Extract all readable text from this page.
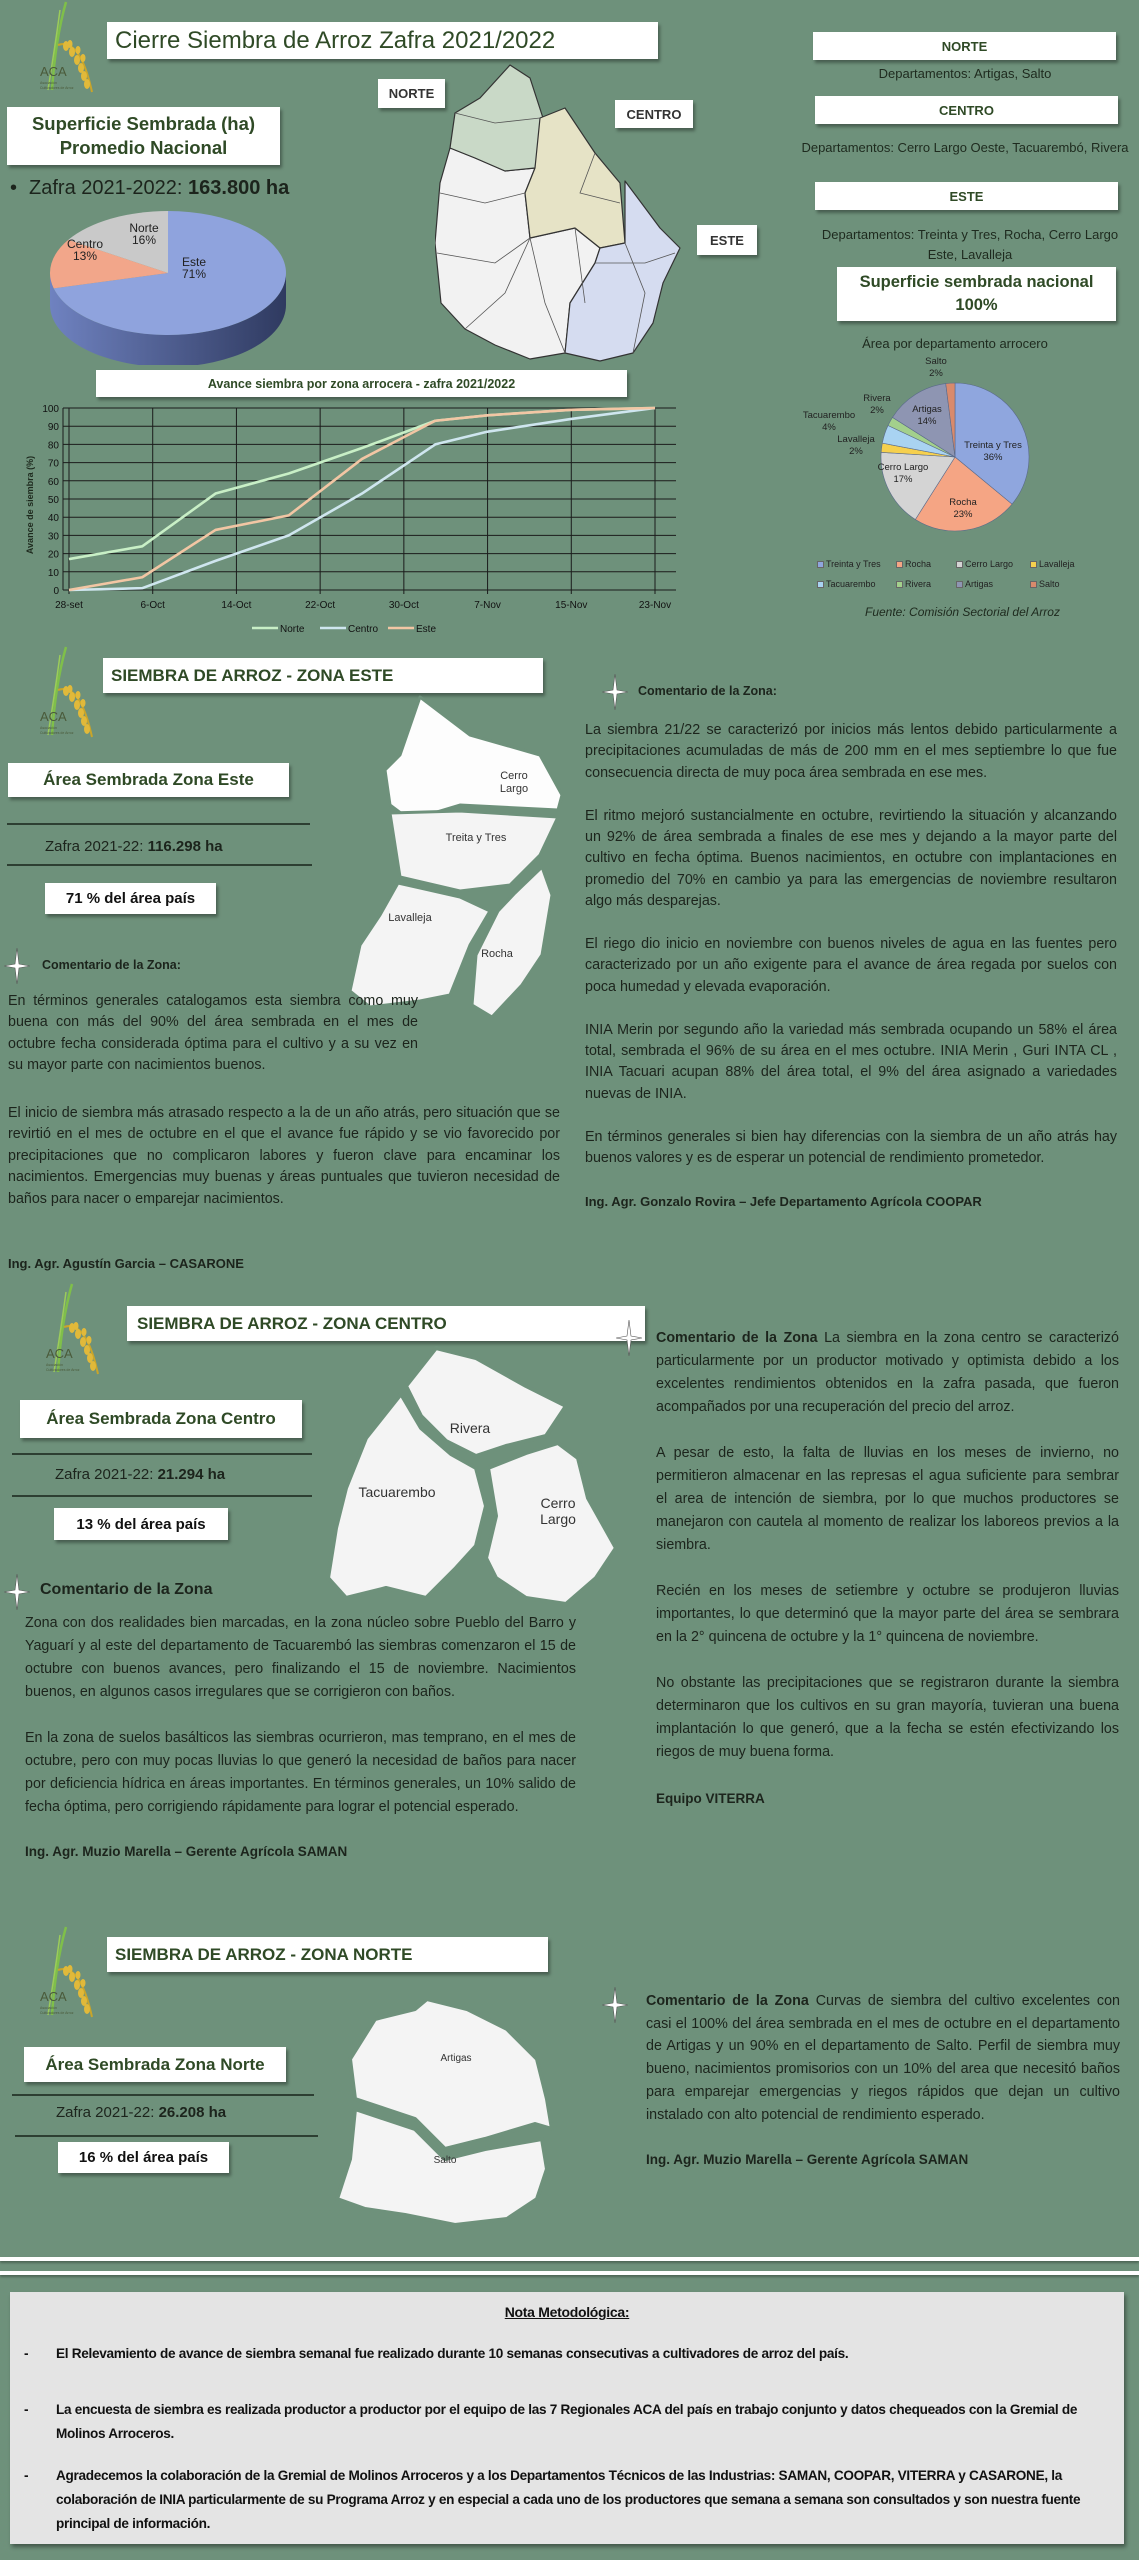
ACA
Asociación
Cultivadores de Arroz
Cierre Siembra de Arroz Zafra 2021/2022
Superficie Sembrada (ha)
Promedio Nacional
• Zafra 2021-2022: 163.800 ha
Norte
16%
Centro
13%	Este
71%
NORTE
CENTRO
ESTE
NORTE
Departamentos: Artigas, Salto
CENTRO
Departamentos: Cerro Largo Oeste, Tacuarembó, Rivera
ESTE
Departamentos: Treinta y Tres, Rocha, Cerro Largo Este, Lavalleja
Superficie sembrada nacional
100%
Área por departamento arrocero
Salto
2%
Rivera
2%	Artigas
14%
Tacuarembo
4%
Lavalleja
2%
Treinta y Tres
36%
Cerro Largo
17%
Rocha
23%
Treinta y Tres	Rocha	Cerro Largo	Lavalleja
Tacuarembo	Rivera	Artigas	Salto
Fuente: Comisión Sectorial del Arroz
Avance siembra por zona arrocera - zafra 2021/2022
Avance de siembra (%)
0
10
20
30
40
50
60
70
80
90
100
28-set	6-Oct	14-Oct	22-Oct	30-Oct	7-Nov	15-Nov	23-Nov
Norte	Centro	Este
ACA
Asociación
Cultivadores de Arroz
SIEMBRA DE ARROZ - ZONA ESTE
Área Sembrada Zona Este
Zafra 2021-22: 116.298 ha
71 % del área país
Cerro Largo
Treita y Tres
Lavalleja
Rocha
Comentario de la Zona:
En términos generales catalogamos esta siembra como muy buena con más del 90% del área sembrada en el mes de octubre fecha considerada óptima para el cultivo y a su vez en su mayor parte con nacimientos buenos.
El inicio de siembra más atrasado respecto a la de un año atrás, pero situación que se revirtió en el mes de octubre en el que el avance fue rápido y se vio favorecido por precipitaciones que no complicaron labores y fueron clave para encaminar los nacimientos. Emergencias muy buenas y áreas puntuales que tuvieron necesidad de baños para nacer o emparejar nacimientos.
Ing. Agr. Agustín Garcia – CASARONE
Comentario de la Zona:

La siembra 21/22 se caracterizó por inicios más lentos debido particularmente a precipitaciones acumuladas de más de 200 mm en el mes septiembre lo que fue consecuencia directa de muy poca área sembrada en ese mes.

El ritmo mejoró sustancialmente en octubre, revirtiendo la situación y alcanzando un 92% de área sembrada a finales de ese mes y dejando a la mayor parte del cultivo en fecha óptima. Buenos nacimientos, en octubre con implantaciones en promedio del 70% en cambio ya para las emergencias de noviembre resultaron algo más desparejas.

El riego dio inicio en noviembre con buenos niveles de agua en las fuentes pero caracterizado por un año exigente para el avance de área regada por suelos con poca humedad y elevada evaporación.

INIA Merin por segundo año la variedad más sembrada ocupando un 58% el área total, sembrada el 96% de su área en el mes octubre. INIA Merin , Guri INTA CL , INIA Tacuari acupan 88% del área total, el 9% del área asignado a variedades nuevas de INIA.

En términos generales si bien hay diferencias con la siembra de un año atrás hay buenos valores y es de esperar un potencial de rendimiento prometedor.

Ing. Agr. Gonzalo Rovira – Jefe Departamento Agrícola COOPAR

ACA
Asociación
Cultivadores de Arroz
SIEMBRA DE ARROZ - ZONA CENTRO
Área Sembrada Zona Centro
Zafra 2021-22: 21.294 ha
13 % del área país
Rivera
Tacuarembo
Cerro Largo
Comentario de la Zona

Zona con dos realidades bien marcadas, en la zona núcleo sobre Pueblo del Barro y Yaguarí y al este del departamento de Tacuarembó las siembras comenzaron el 15 de octubre con buenos avances, pero finalizando el 15 de noviembre. Nacimientos buenos, en algunos casos irregulares que se corrigieron con baños.

En la zona de suelos basálticos las siembras ocurrieron, mas temprano, en el mes de octubre, pero con muy pocas lluvias lo que generó la necesidad de baños para nacer por deficiencia hídrica en áreas importantes. En términos generales, un 10% salido de fecha óptima, pero corrigiendo rápidamente para lograr el potencial esperado.

Ing. Agr. Muzio Marella – Gerente Agrícola SAMAN

Comentario de la Zona La siembra en la zona centro se caracterizó particularmente por un productor motivado y optimista debido a los excelentes rendimientos obtenidos en la zafra pasada, que fueron acompañados por una recuperación del precio del arroz.

A pesar de esto, la falta de lluvias en los meses de invierno, no permitieron almacenar en las represas el agua suficiente para sembrar el area de intención de siembra, por lo que muchos productores se manejaron con cautela al momento de realizar los laboreos previos a la siembra.

Recién en los meses de setiembre y octubre se produjeron lluvias importantes, lo que determinó que la mayor parte del área se sembrara en la 2° quincena de octubre y la 1° quincena de noviembre.

No obstante las precipitaciones que se registraron durante la siembra determinaron que los cultivos en su gran mayoría, tuvieran una buena implantación lo que generó, que a la fecha se estén efectivizando los riegos de muy buena forma.

Equipo VITERRA

ACA
Asociación
Cultivadores de Arroz
SIEMBRA DE ARROZ - ZONA NORTE
Área Sembrada Zona Norte
Zafra 2021-22: 26.208 ha
16 % del área país
Artigas
Salto

Comentario de la Zona Curvas de siembra del cultivo excelentes con casi el 100% del área sembrada en el mes de octubre en el departamento de Artigas y un 90% en el departamento de Salto. Perfil de siembra muy bueno, nacimientos promisorios con un 10% del area que necesitó baños para emparejar emergencias y riegos rápidos que dejan un cultivo instalado con alto potencial de rendimiento esperado.

Ing. Agr. Muzio Marella – Gerente Agrícola SAMAN

Nota Metodológica:
-	El Relevamiento de avance de siembra semanal fue realizado durante 10 semanas consecutivas a cultivadores de arroz del país.
-	La encuesta de siembra es realizada productor a productor por el equipo de las 7 Regionales ACA del país en trabajo conjunto y datos chequeados con la Gremial de Molinos Arroceros.
-	Agradecemos la colaboración de la Gremial de Molinos Arroceros y a los Departamentos Técnicos de las Industrias: SAMAN, COOPAR, VITERRA y CASARONE, la colaboración de INIA particularmente de su Programa Arroz y en especial a cada uno de los productores que semana a semana son consultados y son nuestra fuente principal de información.
